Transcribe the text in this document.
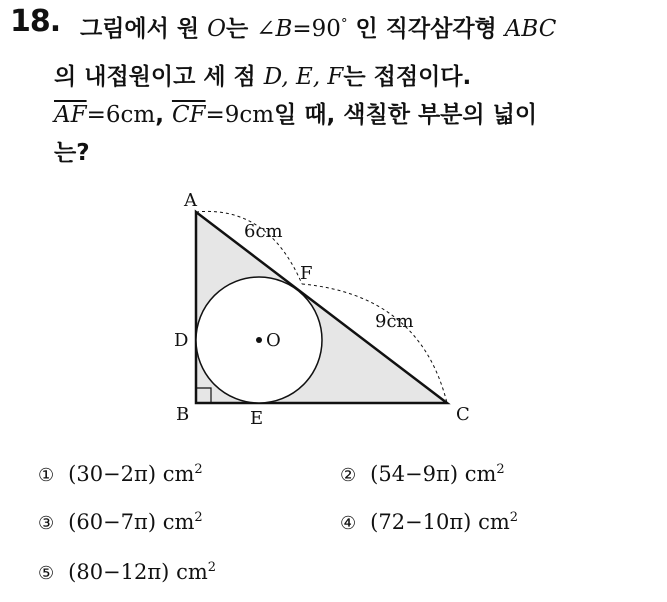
18. 그림에서 원 O는 ∠B=90° 인 직각삼각형 ABC
의 내접원이고 세 점 D, E, F는 접점이다.
$\overline{AF}=6cm$, $\overline{CF}=9cm$일 때, 색칠한 부분의 넓이
는?
A
D
B	E	C
F
O
6cm
9cm
① (30−2π) $cm^2$	② (54−9π) $cm^2$
③ (60−7π) $cm^2$	④ (72−10π) $cm^2$
⑤ (80−12π) $cm^2$
